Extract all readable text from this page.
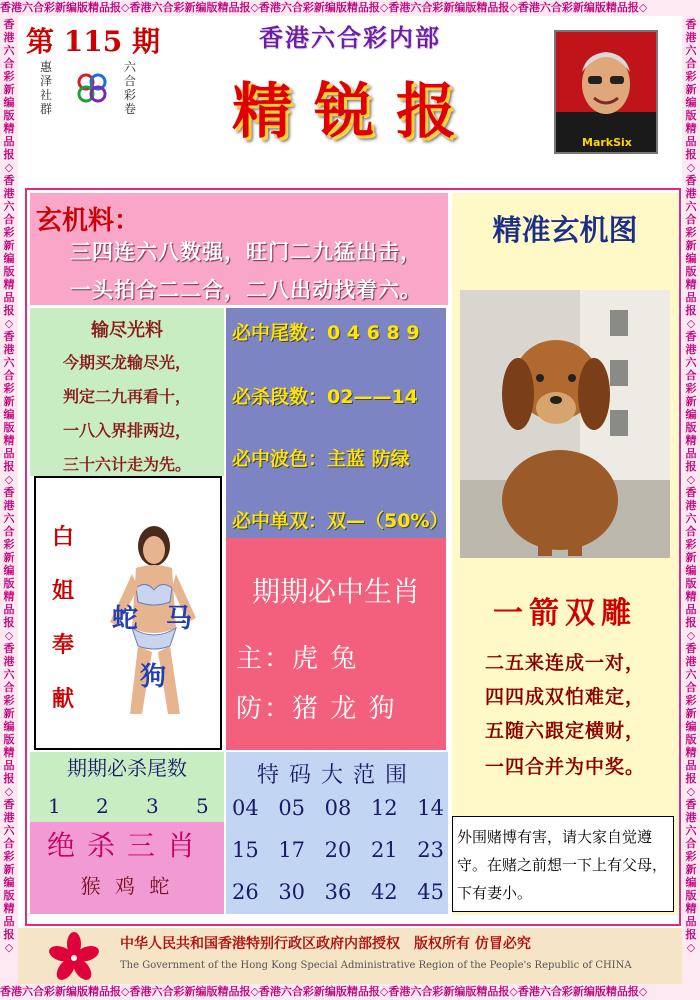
香港六合彩新编版精品报◇香港六合彩新编版精品报◇香港六合彩新编版精品报◇香港六合彩新编版精品报◇香港六合彩新编版精品报◇
香港六合彩新编版精品报◇香港六合彩新编版精品报◇香港六合彩新编版精品报◇香港六合彩新编版精品报◇香港六合彩新编版精品报◇
香港六合彩新编版精品报◇香港六合彩新编版精品报◇香港六合彩新编版精品报◇香港六合彩新编版精品报◇香港六合彩新编版精品报◇香港六合彩新编版精品报◇
香港六合彩新编版精品报◇香港六合彩新编版精品报◇香港六合彩新编版精品报◇香港六合彩新编版精品报◇香港六合彩新编版精品报◇香港六合彩新编版精品报◇
第 115 期
惠泽社群
六合彩卷
香港六合彩内部
精锐报	MarkSix
玄机料：
三四连六八数强，旺门二九猛出击，
一头拍合二二合，二八出动找着六。
输尽光料
今期买龙输尽光，
判定二九再看十，
一八入界排两边，
三十六计走为先。
白
姐
奉
献
蛇 马
狗
必中尾数：0 4 6 8 9
必杀段数：02——14
必中波色：主蓝 防绿
必中单双：双—（50%）
期期必中生肖
主：虎 兔
防：猪 龙 狗
期期必杀尾数
1 2 3 5
绝杀三肖
猴 鸡 蛇
特码大范围
04 05 08 12 14
15 17 20 21 23
26 30 36 42 45
精准玄机图
一箭双雕
二五来连成一对，
四四成双怕难定，
五随六跟定横财，
一四合并为中奖。
外围赌博有害，请大家自觉遵守。在赌之前想一下上有父母，下有妻小。
中华人民共和国香港特别行政区政府内部授权　版权所有 仿冒必究
The Government of the Hong Kong Special Administrative Region of the People's Republic of CHINA
